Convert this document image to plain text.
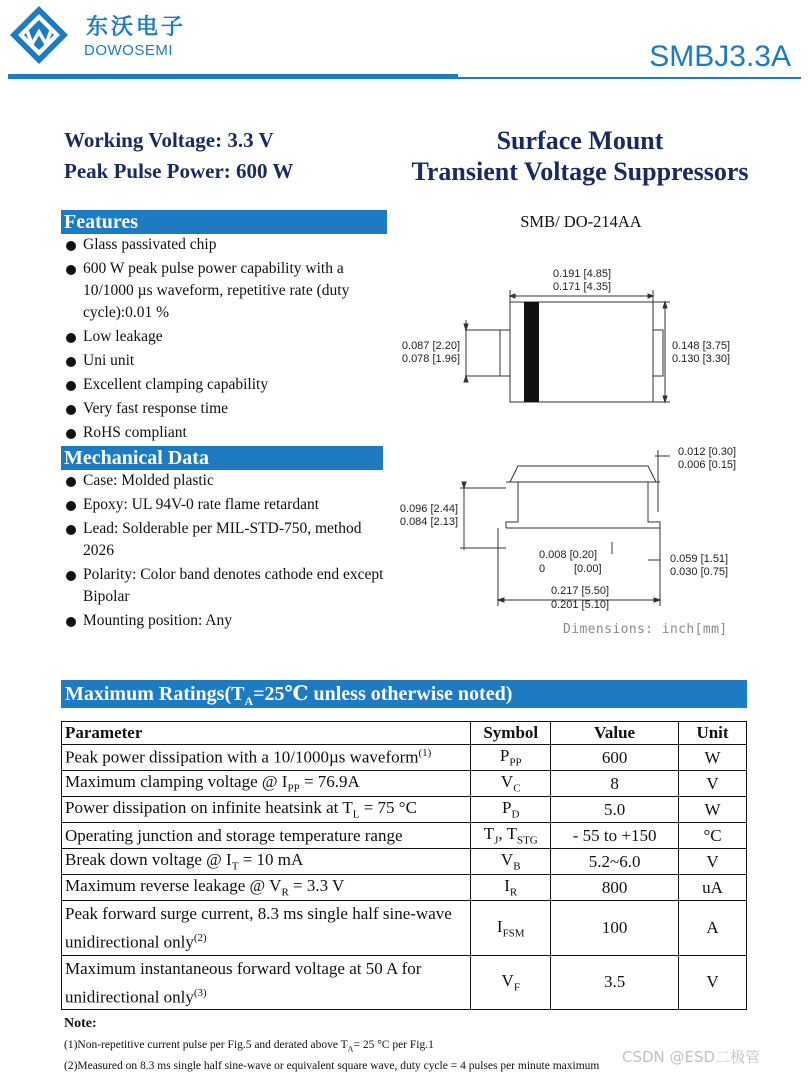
东沃电子
DOWOSEMI	SMBJ3.3A
Working Voltage: 3.3 V
Peak Pulse Power: 600 W
Surface Mount
Transient Voltage Suppressors
Features
Glass passivated chip
600 W peak pulse power capability with a 10/1000 µs waveform, repetitive rate (duty cycle):0.01 %
Low leakage
Uni unit
Excellent clamping capability
Very fast response time
RoHS compliant
Mechanical Data
Case: Molded plastic
Epoxy: UL 94V-0 rate flame retardant
Lead: Solderable per MIL-STD-750, method 2026
Polarity: Color band denotes cathode end except Bipolar
Mounting position: Any
SMB/ DO-214AA
0.191 [4.85]
0.171 [4.35]
0.087 [2.20]
0.078 [1.96]
0.148 [3.75]
0.130 [3.30]
0.012 [0.30]
0.006 [0.15]
0.096 [2.44]
0.084 [2.13]
0.008 [0.20]
0	[0.00]
0.059 [1.51]
0.030 [0.75]
0.217 [5.50]
0.201 [5.10]
Dimensions: inch[mm]
Maximum $Ratings(T_A=25℃$ unless otherwise noted)
Parameter	Symbol	Value	Unit
Peak power dissipation with a 10/1000µs waveform$^{(1)}$	$P_{PP}$	600	W
Maximum clamping voltage @ $I_{PP} = 76.9A$	$V_C$	8	V
Power dissipation on infinite heatsink at $T_L = 75$ °C	$P_D$	5.0	W
Operating junction and storage temperature range	$T_J$, $T_{STG}$	- 55 to +150	°C
Break down voltage @ $I_T = 10$ mA	$V_B$	5.2~6.0	V
Maximum reverse leakage @ $V_R = 3.3$ V	$I_R$	800	uA
Peak forward surge current, 8.3 ms single half sine-wave unidirectional only$^{(2)}$	$I_{FSM}$	100	A
Maximum instantaneous forward voltage at 50 A for unidirectional only$^{(3)}$	$V_F$	3.5	V
Note:
(1)Non-repetitive current pulse per Fig.5 and derated above $T_A= 25$ °C per Fig.1
(2)Measured on 8.3 ms single half sine-wave or equivalent square wave, duty cycle = 4 pulses per minute maximum CSDN @ESD二极管
